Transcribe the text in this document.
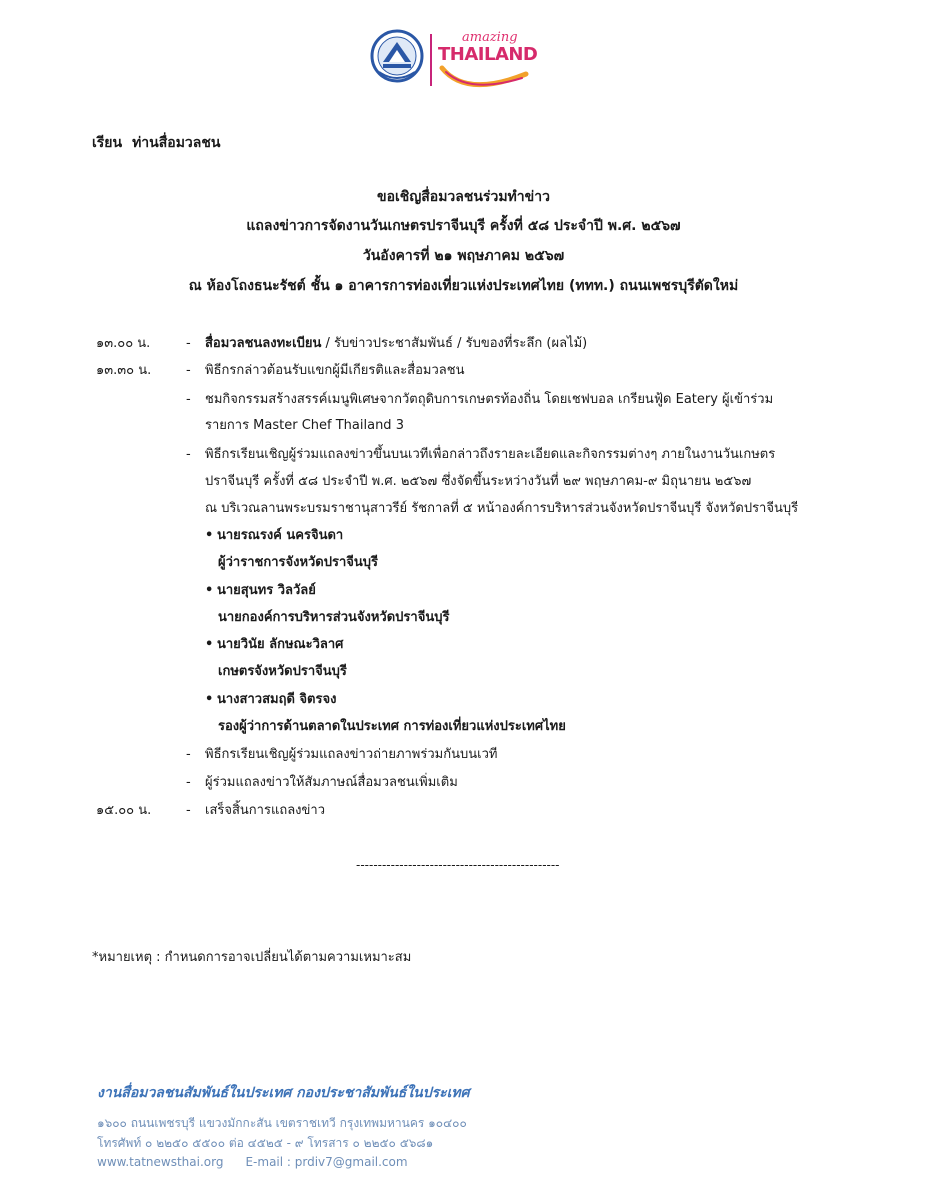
amazing
THAILAND
เรียน ท่านสื่อมวลชน
ขอเชิญสื่อมวลชนร่วมทำข่าว
แถลงข่าวการจัดงานวันเกษตรปราจีนบุรี ครั้งที่ ๕๘ ประจำปี พ.ศ. ๒๕๖๗
วันอังคารที่ ๒๑ พฤษภาคม ๒๕๖๗
ณ ห้องโถงธนะรัชต์ ชั้น ๑ อาคารการท่องเที่ยวแห่งประเทศไทย (ททท.) ถนนเพชรบุรีตัดใหม่
๑๓.๐๐ น.	- สื่อมวลชนลงทะเบียน / รับข่าวประชาสัมพันธ์ / รับของที่ระลึก (ผลไม้)
๑๓.๓๐ น.	- พิธีกรกล่าวต้อนรับแขกผู้มีเกียรติและสื่อมวลชน
- ชมกิจกรรมสร้างสรรค์เมนูพิเศษจากวัตถุดิบการเกษตรท้องถิ่น โดยเชฟบอล เกรียนฟู้ด Eatery ผู้เข้าร่วม
รายการ Master Chef Thailand 3
- พิธีกรเรียนเชิญผู้ร่วมแถลงข่าวขึ้นบนเวทีเพื่อกล่าวถึงรายละเอียดและกิจกรรมต่างๆ ภายในงานวันเกษตร
ปราจีนบุรี ครั้งที่ ๕๘ ประจำปี พ.ศ. ๒๕๖๗ ซึ่งจัดขึ้นระหว่างวันที่ ๒๙ พฤษภาคม-๙ มิถุนายน ๒๕๖๗
ณ บริเวณลานพระบรมราชานุสาวรีย์ รัชกาลที่ ๕ หน้าองค์การบริหารส่วนจังหวัดปราจีนบุรี จังหวัดปราจีนบุรี
• นายรณรงค์ นครจินดา
ผู้ว่าราชการจังหวัดปราจีนบุรี
• นายสุนทร วิลวัลย์
นายกองค์การบริหารส่วนจังหวัดปราจีนบุรี
• นายวินัย ลักษณะวิลาศ
เกษตรจังหวัดปราจีนบุรี
• นางสาวสมฤดี จิตรจง
รองผู้ว่าการด้านตลาดในประเทศ การท่องเที่ยวแห่งประเทศไทย
- พิธีกรเรียนเชิญผู้ร่วมแถลงข่าวถ่ายภาพร่วมกันบนเวที
- ผู้ร่วมแถลงข่าวให้สัมภาษณ์สื่อมวลชนเพิ่มเติม
๑๕.๐๐ น.	- เสร็จสิ้นการแถลงข่าว
-----------------------------------------------
*หมายเหตุ : กำหนดการอาจเปลี่ยนได้ตามความเหมาะสม
งานสื่อมวลชนสัมพันธ์ในประเทศ กองประชาสัมพันธ์ในประเทศ
๑๖๐๐ ถนนเพชรบุรี แขวงมักกะสัน เขตราชเทวี กรุงเทพมหานคร ๑๐๔๐๐
โทรศัพท์ ๐ ๒๒๕๐ ๕๕๐๐ ต่อ ๔๕๒๕ - ๙ โทรสาร ๐ ๒๒๕๐ ๕๖๘๑
www.tatnewsthai.org E-mail : prdiv7@gmail.com
